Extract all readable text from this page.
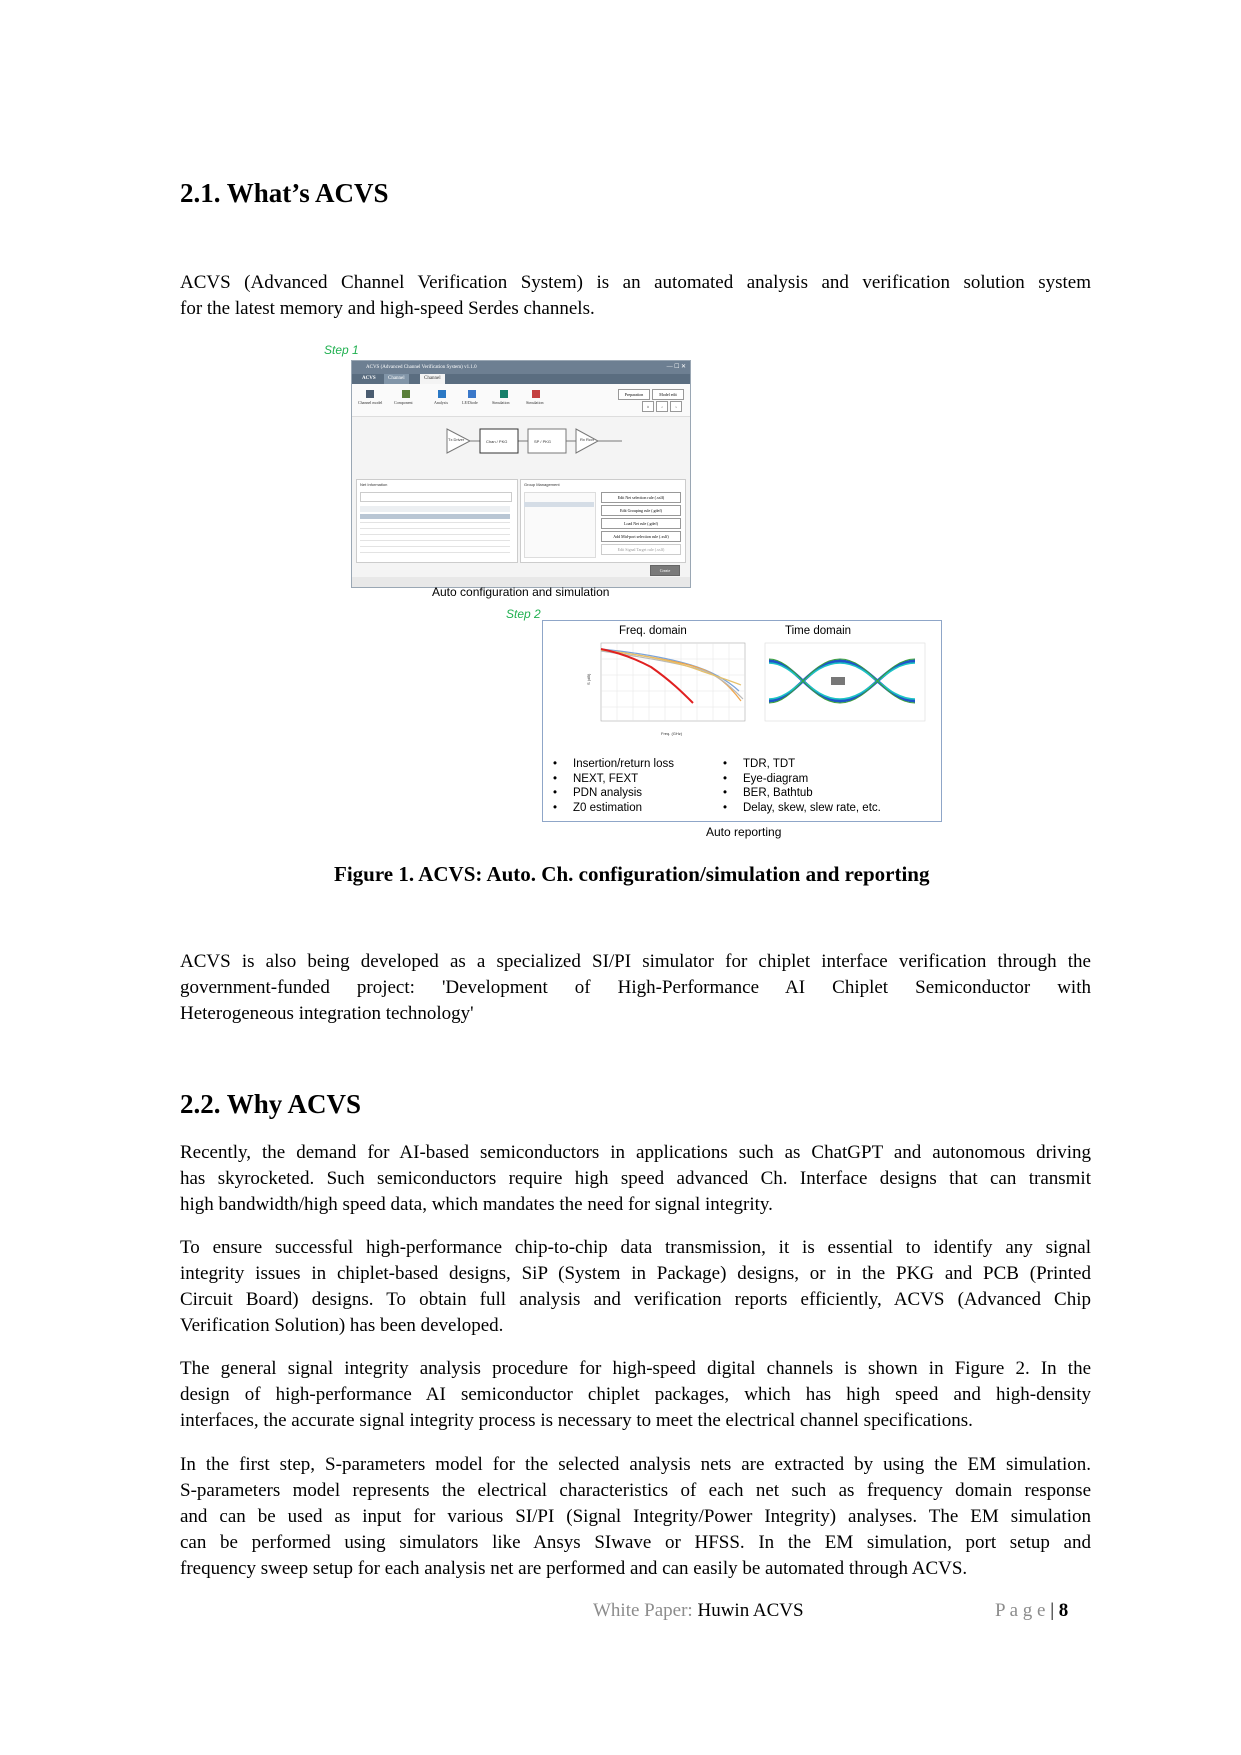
2.1. What’s ACVS
ACVS (Advanced Channel Verification System) is an automated analysis and verification solution system
for the latest memory and high-speed Serdes channels.
Step 1
ACVS (Advanced Channel Verification System) v1.1.0	— ☐ ✕
ACVS	Channel	Channel
Channel model	Component	Analysis	LE/Diode	Simulation	Simulation
Preparation	Model edit
⌂	‹	›
Tx Driver	Chan / PKG	SP / PKG	Rx Rcvr
Net Information	Group Management
Edit Net selection rule (.xslf)
Edit Grouping rule (.gdef)
Load Net rule (.gdef)
Add Mid-port selection rule (.xslf)
Edit Signal Target rule (.xslf)
Create
Auto configuration and simulation
Step 2
Freq. domain	Time domain
S (dB)
Freq. (GHz)
• Insertion/return loss
• NEXT, FEXT
• PDN analysis
• Z0 estimation
• TDR, TDT
• Eye-diagram
• BER, Bathtub
• Delay, skew, slew rate, etc.
Auto reporting
Figure 1. ACVS: Auto. Ch. configuration/simulation and reporting
ACVS is also being developed as a specialized SI/PI simulator for chiplet interface verification through the
government-funded  project:  'Development  of  High-Performance  AI  Chiplet  Semiconductor  with
Heterogeneous integration technology'
2.2. Why ACVS
Recently, the demand for AI-based semiconductors in applications such as ChatGPT and autonomous driving
has skyrocketed. Such semiconductors require high speed advanced Ch. Interface designs that can transmit
high bandwidth/high speed data, which mandates the need for signal integrity.
To ensure successful high-performance chip-to-chip data transmission, it is essential to identify any signal
integrity issues in chiplet-based designs, SiP (System in Package) designs, or in the PKG and PCB (Printed
Circuit Board) designs. To obtain full analysis and verification reports efficiently, ACVS (Advanced Chip
Verification Solution) has been developed.
The general signal integrity analysis procedure for high-speed digital channels is shown in Figure 2. In the
design of high-performance AI semiconductor chiplet packages, which has high speed and high-density
interfaces, the accurate signal integrity process is necessary to meet the electrical channel specifications.
In the first step, S-parameters model for the selected analysis nets are extracted by using the EM simulation.
S-parameters model represents the electrical characteristics of each net such as frequency domain response
and can be used as input for various SI/PI (Signal Integrity/Power Integrity) analyses. The EM simulation
can be performed using simulators like Ansys SIwave or HFSS. In the EM simulation, port setup and
frequency sweep setup for each analysis net are performed and can easily be automated through ACVS.
White Paper: Huwin ACVS	P a g e | 8
